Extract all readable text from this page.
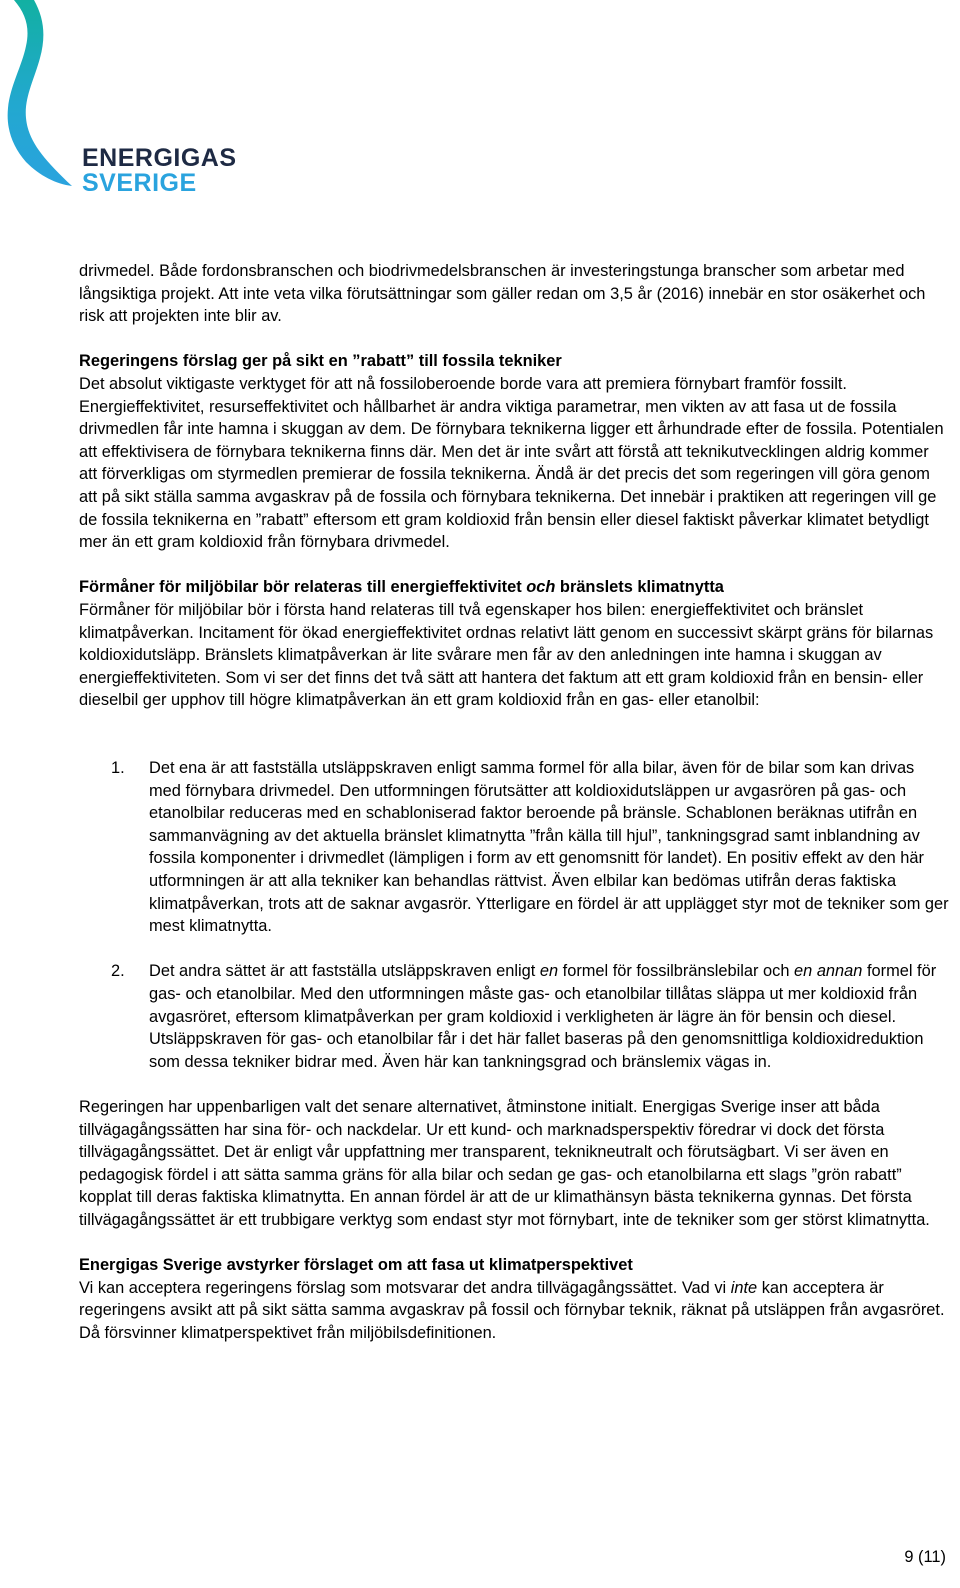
ENERGIGAS
SVERIGE

drivmedel. Både fordonsbranschen och biodrivmedelsbranschen är investeringstunga branscher som arbetar med långsiktiga projekt. Att inte veta vilka förutsättningar som gäller redan om 3,5 år (2016) innebär en stor osäkerhet och risk att projekten inte blir av.

Regeringens förslag ger på sikt en ”rabatt” till fossila tekniker

Det absolut viktigaste verktyget för att nå fossiloberoende borde vara att premiera förnybart framför fossilt. Energieffektivitet, resurseffektivitet och hållbarhet är andra viktiga parametrar, men vikten av att fasa ut de fossila drivmedlen får inte hamna i skuggan av dem. De förnybara teknikerna ligger ett århundrade efter de fossila. Potentialen att effektivisera de förnybara teknikerna finns där. Men det är inte svårt att förstå att teknikutvecklingen aldrig kommer att förverkligas om styrmedlen premierar de fossila teknikerna. Ändå är det precis det som regeringen vill göra genom att på sikt ställa samma avgaskrav på de fossila och förnybara teknikerna. Det innebär i praktiken att regeringen vill ge de fossila teknikerna en ”rabatt” eftersom ett gram koldioxid från bensin eller diesel faktiskt påverkar klimatet betydligt mer än ett gram koldioxid från förnybara drivmedel.

Förmåner för miljöbilar bör relateras till energieffektivitet och bränslets klimatnytta

Förmåner för miljöbilar bör i första hand relateras till två egenskaper hos bilen: energieffektivitet och bränslet klimatpåverkan. Incitament för ökad energieffektivitet ordnas relativt lätt genom en successivt skärpt gräns för bilarnas koldioxidutsläpp. Bränslets klimatpåverkan är lite svårare men får av den anledningen inte hamna i skuggan av energieffektiviteten. Som vi ser det finns det två sätt att hantera det faktum att ett gram koldioxid från en bensin- eller dieselbil ger upphov till högre klimatpåverkan än ett gram koldioxid från en gas- eller etanolbil:

1. Det ena är att fastställa utsläppskraven enligt samma formel för alla bilar, även för de bilar som kan drivas med förnybara drivmedel. Den utformningen förutsätter att koldioxidutsläppen ur avgasrören på gas- och etanolbilar reduceras med en schabloniserad faktor beroende på bränsle. Schablonen beräknas utifrån en sammanvägning av det aktuella bränslet klimatnytta ”från källa till hjul”, tankningsgrad samt inblandning av fossila komponenter i drivmedlet (lämpligen i form av ett genomsnitt för landet). En positiv effekt av den här utformningen är att alla tekniker kan behandlas rättvist. Även elbilar kan bedömas utifrån deras faktiska klimatpåverkan, trots att de saknar avgasrör. Ytterligare en fördel är att upplägget styr mot de tekniker som ger mest klimatnytta.
2. Det andra sättet är att fastställa utsläppskraven enligt en formel för fossilbränslebilar och en annan formel för gas- och etanolbilar. Med den utformningen måste gas- och etanolbilar tillåtas släppa ut mer koldioxid från avgasröret, eftersom klimatpåverkan per gram koldioxid i verkligheten är lägre än för bensin och diesel. Utsläppskraven för gas- och etanolbilar får i det här fallet baseras på den genomsnittliga koldioxidreduktion som dessa tekniker bidrar med. Även här kan tankningsgrad och bränslemix vägas in.

Regeringen har uppenbarligen valt det senare alternativet, åtminstone initialt. Energigas Sverige inser att båda tillvägagångssätten har sina för- och nackdelar. Ur ett kund- och marknadsperspektiv föredrar vi dock det första tillvägagångssättet. Det är enligt vår uppfattning mer transparent, teknikneutralt och förutsägbart. Vi ser även en pedagogisk fördel i att sätta samma gräns för alla bilar och sedan ge gas- och etanolbilarna ett slags ”grön rabatt” kopplat till deras faktiska klimatnytta. En annan fördel är att de ur klimathänsyn bästa teknikerna gynnas. Det första tillvägagångssättet är ett trubbigare verktyg som endast styr mot förnybart, inte de tekniker som ger störst klimatnytta.

Energigas Sverige avstyrker förslaget om att fasa ut klimatperspektivet

Vi kan acceptera regeringens förslag som motsvarar det andra tillvägagångssättet. Vad vi inte kan acceptera är regeringens avsikt att på sikt sätta samma avgaskrav på fossil och förnybar teknik, räknat på utsläppen från avgasröret. Då försvinner klimatperspektivet från miljöbilsdefinitionen.

9 (11)
